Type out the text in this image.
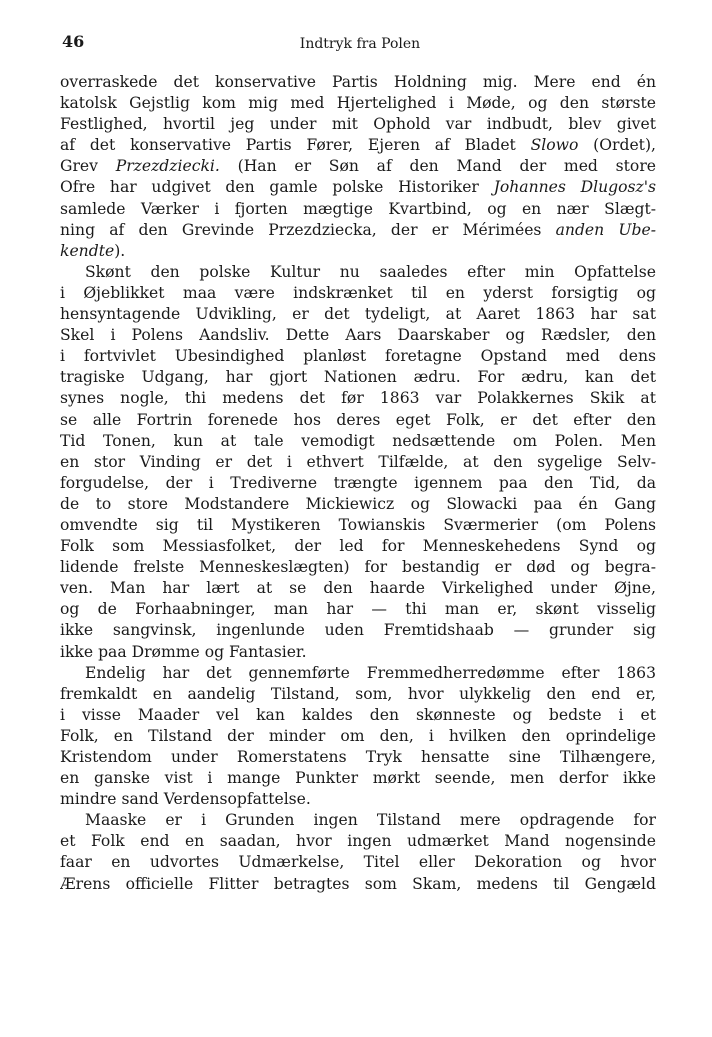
46	Indtryk fra Polen
overraskede det konservative Partis Holdning mig. Mere end én
katolsk Gejstlig kom mig med Hjertelighed i Møde, og den største
Festlighed, hvortil jeg under mit Ophold var indbudt, blev givet
af det konservative Partis Fører, Ejeren af Bladet Slowo (Ordet),
Grev Przezdziecki. (Han er Søn af den Mand der med store
Ofre har udgivet den gamle polske Historiker Johannes Dlugosz's
samlede Værker i fjorten mægtige Kvartbind, og en nær Slægt-
ning af den Grevinde Przezdziecka, der er Mérimées anden Ube-
kendte).
Skønt den polske Kultur nu saaledes efter min Opfattelse
i Øjeblikket maa være indskrænket til en yderst forsigtig og
hensyntagende Udvikling, er det tydeligt, at Aaret 1863 har sat
Skel i Polens Aandsliv. Dette Aars Daarskaber og Rædsler, den
i fortvivlet Ubesindighed planløst foretagne Opstand med dens
tragiske Udgang, har gjort Nationen ædru. For ædru, kan det
synes nogle, thi medens det før 1863 var Polakkernes Skik at
se alle Fortrin forenede hos deres eget Folk, er det efter den
Tid Tonen, kun at tale vemodigt nedsættende om Polen. Men
en stor Vinding er det i ethvert Tilfælde, at den sygelige Selv-
forgudelse, der i Trediverne trængte igennem paa den Tid, da
de to store Modstandere Mickiewicz og Slowacki paa én Gang
omvendte sig til Mystikeren Towianskis Sværmerier (om Polens
Folk som Messiasfolket, der led for Menneskehedens Synd og
lidende frelste Menneskeslægten) for bestandig er død og begra-
ven. Man har lært at se den haarde Virkelighed under Øjne,
og de Forhaabninger, man har — thi man er, skønt visselig
ikke sangvinsk, ingenlunde uden Fremtidshaab — grunder sig
ikke paa Drømme og Fantasier.
Endelig har det gennemførte Fremmedherredømme efter 1863
fremkaldt en aandelig Tilstand, som, hvor ulykkelig den end er,
i visse Maader vel kan kaldes den skønneste og bedste i et
Folk, en Tilstand der minder om den, i hvilken den oprindelige
Kristendom under Romerstatens Tryk hensatte sine Tilhængere,
en ganske vist i mange Punkter mørkt seende, men derfor ikke
mindre sand Verdensopfattelse.
Maaske er i Grunden ingen Tilstand mere opdragende for
et Folk end en saadan, hvor ingen udmærket Mand nogensinde
faar en udvortes Udmærkelse, Titel eller Dekoration og hvor
Ærens officielle Flitter betragtes som Skam, medens til Gengæld
